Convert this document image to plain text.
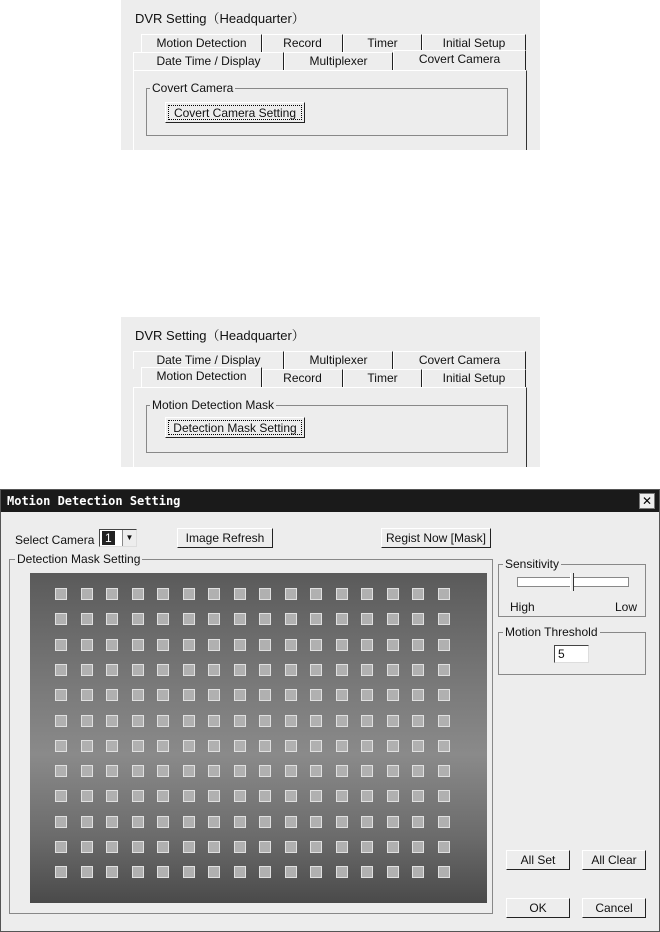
DVR Setting（Headquarter）
Motion Detection	Record	Timer	Initial Setup
Date Time / Display	Multiplexer	Covert Camera
Covert Camera
Covert Camera Setting
DVR Setting（Headquarter）
Date Time / Display	Multiplexer	Covert Camera
Motion Detection	Record	Timer	Initial Setup
Motion Detection Mask
Detection Mask Setting
Motion Detection Setting	✕
Select Camera 1	▼	Image Refresh	Regist Now [Mask]
Detection Mask Setting	Sensitivity
High	Low
Motion Threshold
5
All Set	All Clear
OK	Cancel
